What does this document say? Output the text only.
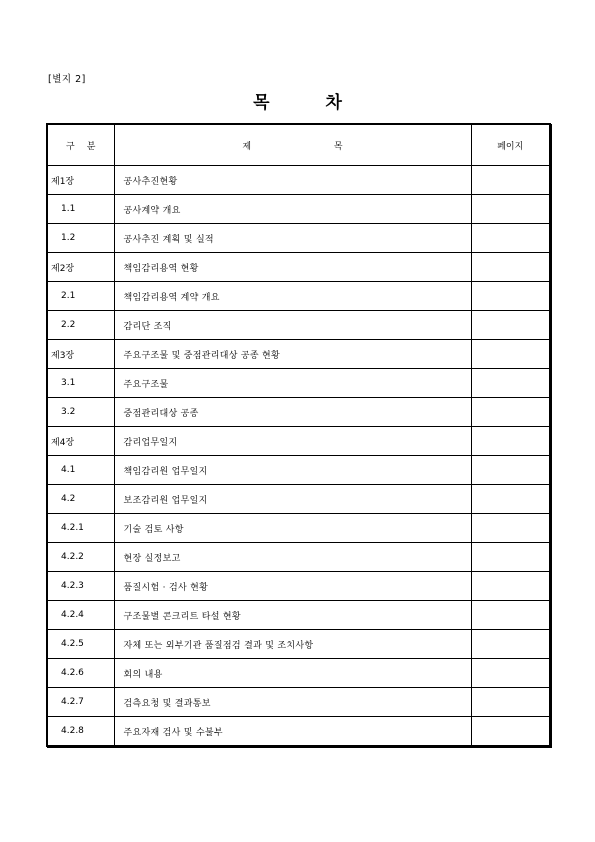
[별지 2]
목 차
구분	제 목	페이지
제1장	공사추진현황	
1.1	공사계약 개요	
1.2	공사추진 계획 및 실적	
제2장	책임감리용역 현황	
2.1	책임감리용역 계약 개요	
2.2	감리단 조직	
제3장	주요구조물 및 중점관리대상 공종 현황	
3.1	주요구조물	
3.2	중점관리대상 공종	
제4장	감리업무일지	
4.1	책임감리원 업무일지	
4.2	보조감리원 업무일지	
4.2.1	기술 검토 사항	
4.2.2	현장 실정보고	
4.2.3	품질시험 · 검사 현황	
4.2.4	구조물별 콘크리트 타설 현황	
4.2.5	자체 또는 외부기관 품질점검 결과 및 조치사항	
4.2.6	회의 내용	
4.2.7	검측요청 및 결과통보	
4.2.8	주요자재 검사 및 수불부	
